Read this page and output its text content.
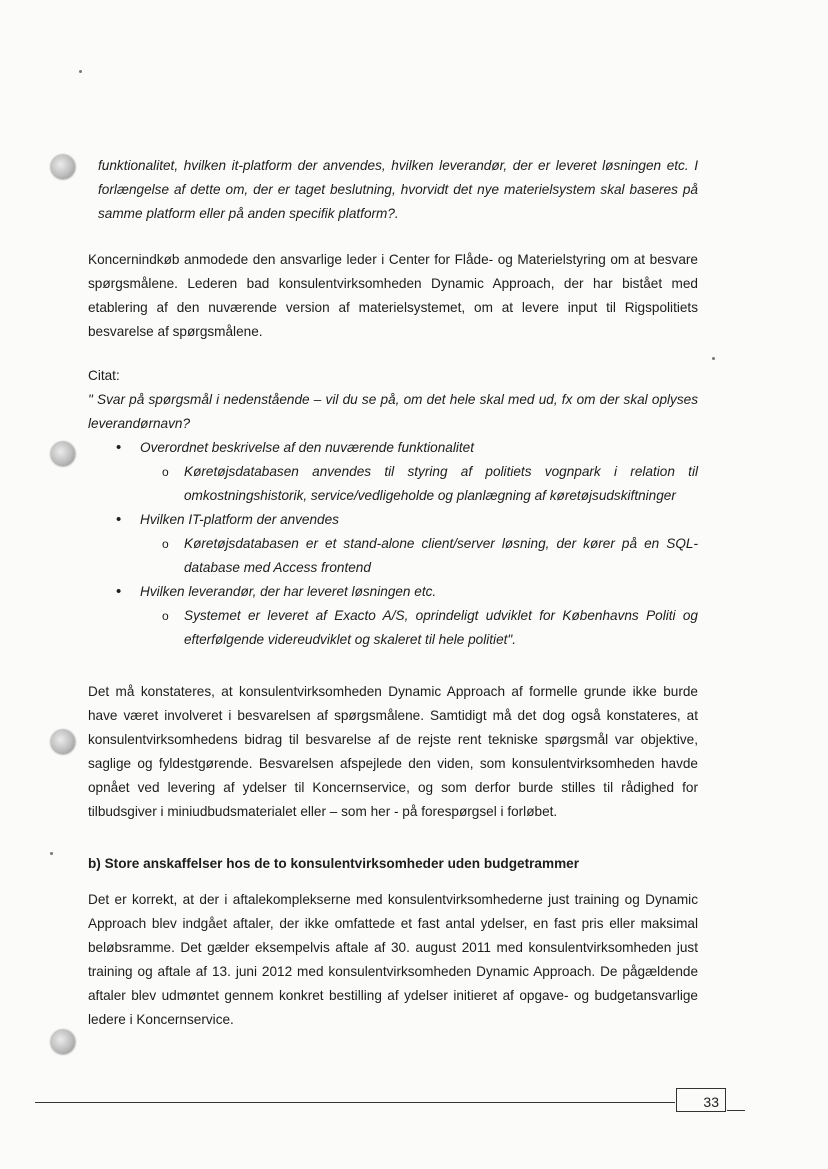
funktionalitet, hvilken it-platform der anvendes, hvilken leverandør, der er leveret løsningen etc. I forlængelse af dette om, der er taget beslutning, hvorvidt det nye materielsystem skal baseres på samme platform eller på anden specifik platform?.

Koncernindkøb anmodede den ansvarlige leder i Center for Flåde- og Materielstyring om at besvare spørgsmålene. Lederen bad konsulentvirksomheden Dynamic Approach, der har bistået med etablering af den nuværende version af materielsystemet, om at levere input til Rigspolitiets besvarelse af spørgsmålene.

Citat:

" Svar på spørgsmål i nedenstående – vil du se på, om det hele skal med ud, fx om der skal oplyses leverandørnavn?

• Overordnet beskrivelse af den nuværende funktionalitet
o Køretøjsdatabasen anvendes til styring af politiets vognpark i relation til omkostningshistorik, service/vedligeholde og planlægning af køretøjsudskiftninger
• Hvilken IT-platform der anvendes
o Køretøjsdatabasen er et stand-alone client/server løsning, der kører på en SQL-database med Access frontend
• Hvilken leverandør, der har leveret løsningen etc.
o Systemet er leveret af Exacto A/S, oprindeligt udviklet for Københavns Politi og efterfølgende videreudviklet og skaleret til hele politiet".

Det må konstateres, at konsulentvirksomheden Dynamic Approach af formelle grunde ikke burde have været involveret i besvarelsen af spørgsmålene. Samtidigt må det dog også konstateres, at konsulentvirksomhedens bidrag til besvarelse af de rejste rent tekniske spørgsmål var objektive, saglige og fyldestgørende. Besvarelsen afspejlede den viden, som konsulentvirksomheden havde opnået ved levering af ydelser til Koncernservice, og som derfor burde stilles til rådighed for tilbudsgiver i miniudbudsmaterialet eller – som her - på forespørgsel i forløbet.

b) Store anskaffelser hos de to konsulentvirksomheder uden budgetrammer

Det er korrekt, at der i aftalekomplekserne med konsulentvirksomhederne just training og Dynamic Approach blev indgået aftaler, der ikke omfattede et fast antal ydelser, en fast pris eller maksimal beløbsramme. Det gælder eksempelvis aftale af 30. august 2011 med konsulentvirksomheden just training og aftale af 13. juni 2012 med konsulentvirksomheden Dynamic Approach. De pågældende aftaler blev udmøntet gennem konkret bestilling af ydelser initieret af opgave- og budgetansvarlige ledere i Koncernservice.

33
